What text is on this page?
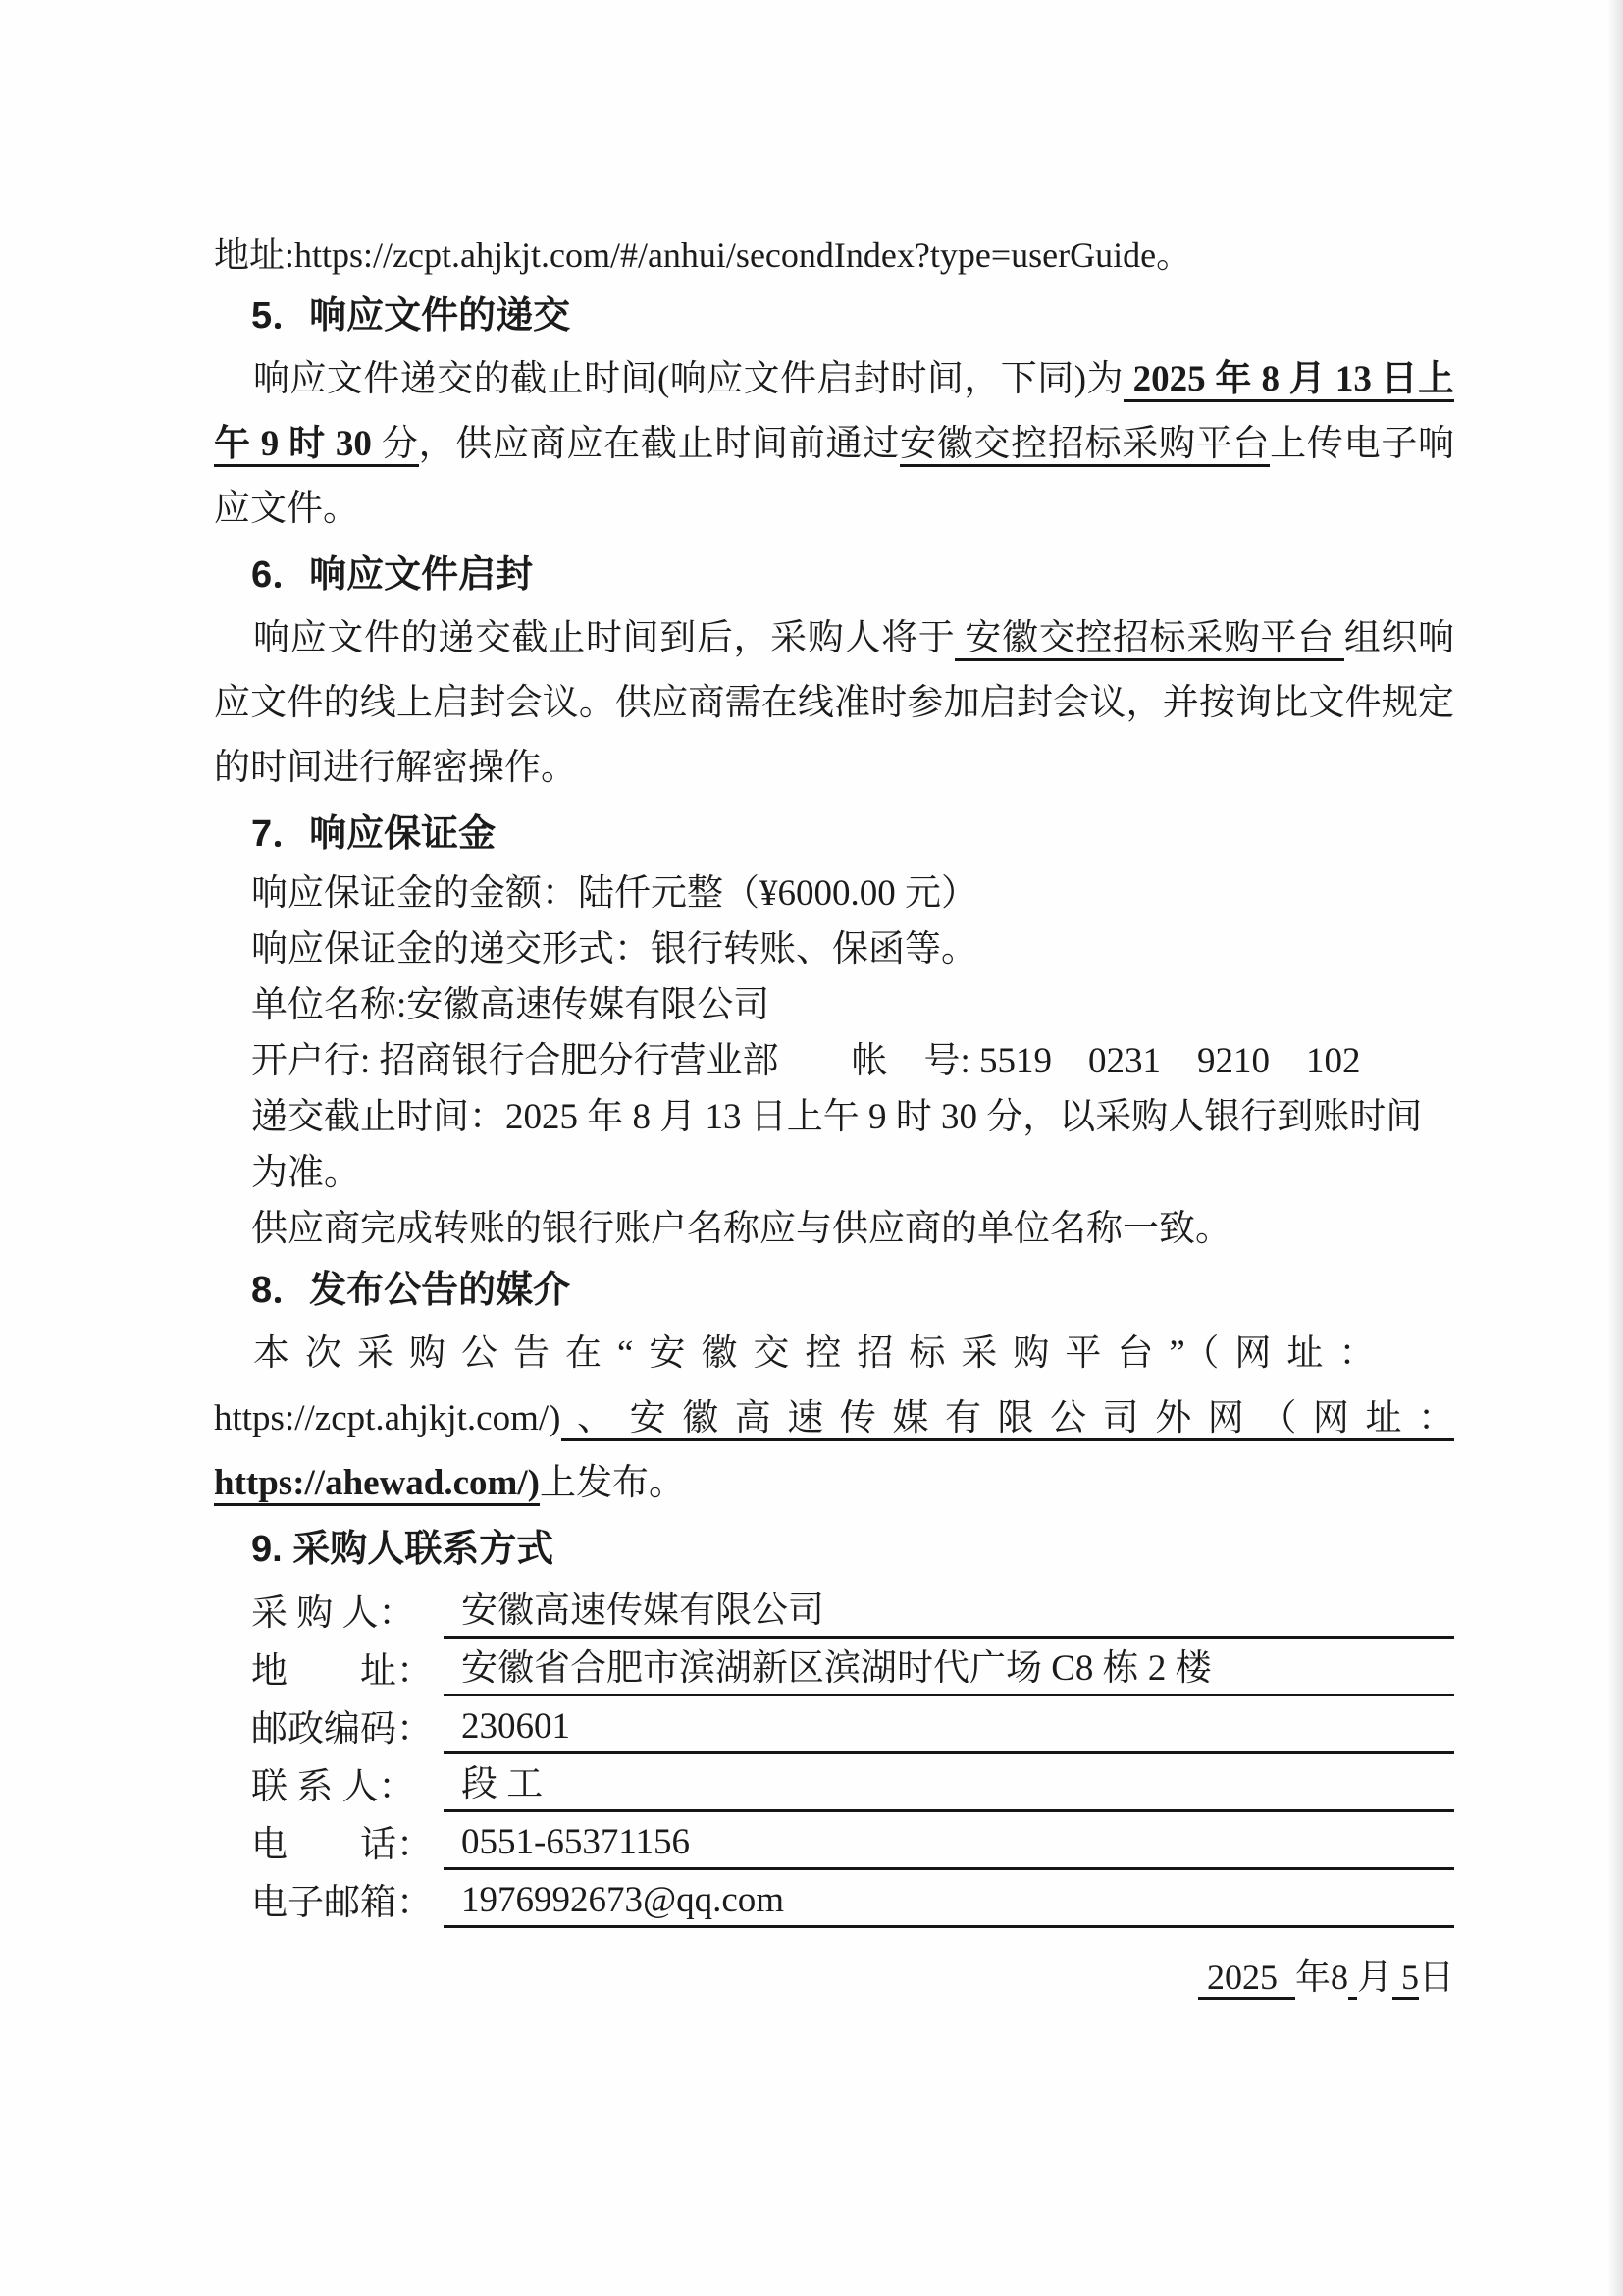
地址:https://zcpt.ahjkjt.com/#/anhui/secondIndex?type=userGuide。

5．响应文件的递交

响应文件递交的截止时间(响应文件启封时间，下同)为 2025 年 8 月 13 日上午 9 时 30 分，供应商应在截止时间前通过安徽交控招标采购平台上传电子响应文件。

6．响应文件启封

响应文件的递交截止时间到后，采购人将于 安徽交控招标采购平台 组织响应文件的线上启封会议。供应商需在线准时参加启封会议，并按询比文件规定的时间进行解密操作。

7．响应保证金

响应保证金的金额：陆仟元整（¥6000.00 元）

响应保证金的递交形式：银行转账、保函等。

单位名称:安徽高速传媒有限公司

开户行: 招商银行合肥分行营业部　　帐　号: 5519　0231　9210　102

递交截止时间：2025 年 8 月 13 日上午 9 时 30 分，以采购人银行到账时间为准。

供应商完成转账的银行账户名称应与供应商的单位名称一致。

8．发布公告的媒介

本次采购公告在“安徽交控招标采购平台”（网址：

https://zcpt.ahjkjt.com/)、安徽高速传媒有限公司外网（网址：https://ahewad.com/)上发布。

9. 采购人联系方式
采 购 人：	安徽高速传媒有限公司
地　　址： 安徽省合肥市滨湖新区滨湖时代广场 C8 栋 2 楼
邮政编码： 230601
联 系 人：	段 工
电　　话： 0551-65371156
电子邮箱： 1976992673@qq.com

2025  年8 月 5日
